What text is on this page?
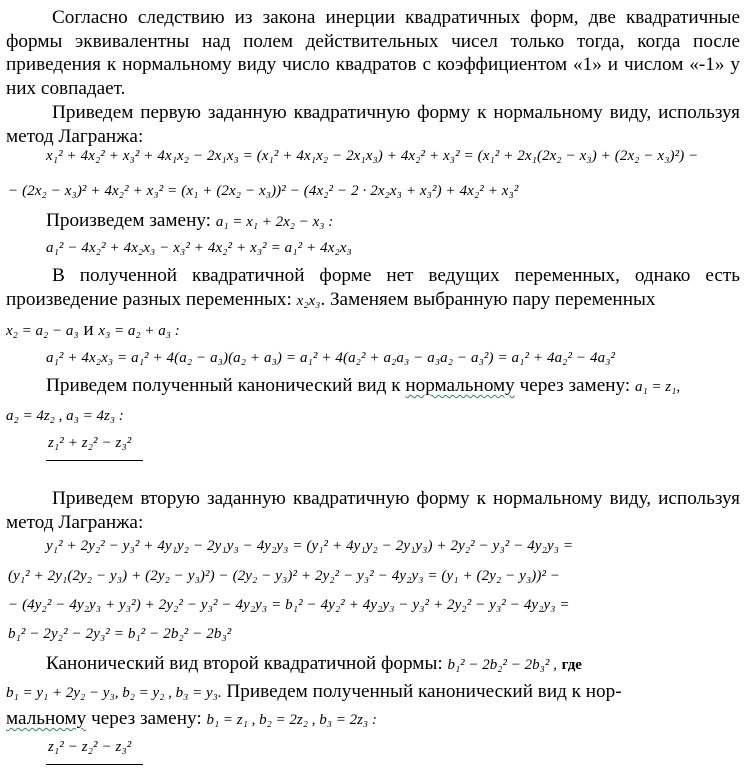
Согласно следствию из закона инерции квадратичных форм, две квадратичные формы эквивалентны над полем действительных чисел только тогда, когда после приведения к нормальному виду число квадратов с коэффициентом «1» и числом «-1» у них совпадает.

Приведем первую заданную квадратичную форму к нормальному виду, используя метод Лагранжа:

x₁² + 4x₂² + x₃² + 4x₁x₂ − 2x₁x₃ = (x₁² + 4x₁x₂ − 2x₁x₃) + 4x₂² + x₃² = (x₁² + 2x₁(2x₂ − x₃) + (2x₂ − x₃)²) −
− (2x₂ − x₃)² + 4x₂² + x₃² = (x₁ + (2x₂ − x₃))² − (4x₂² − 2 · 2x₂x₃ + x₃²) + 4x₂² + x₃²
Произведем замену: a₁ = x₁ + 2x₂ − x₃ :
a₁² − 4x₂² + 4x₂x₃ − x₃² + 4x₂² + x₃² = a₁² + 4x₂x₃
В полученной квадратичной форме нет ведущих переменных, однако есть произведение разных переменных: x₂x₃. Заменяем выбранную пару переменных
x₂ = a₂ − a₃ и x₃ = a₂ + a₃ :
a₁² + 4x₂x₃ = a₁² + 4(a₂ − a₃)(a₂ + a₃) = a₁² + 4(a₂² + a₂a₃ − a₃a₂ − a₃²) = a₁² + 4a₂² − 4a₃²
Приведем полученный канонический вид к нормальному через замену: a₁ = z₁,
a₂ = 4z₂ , a₃ = 4z₃ :
z₁² + z₂² − z₃²

Приведем вторую заданную квадратичную форму к нормальному виду, используя метод Лагранжа:

y₁² + 2y₂² − y₃² + 4y₁y₂ − 2y₁y₃ − 4y₂y₃ = (y₁² + 4y₁y₂ − 2y₁y₃) + 2y₂² − y₃² − 4y₂y₃ =
(y₁² + 2y₁(2y₂ − y₃) + (2y₂ − y₃)²) − (2y₂ − y₃)² + 2y₂² − y₃² − 4y₂y₃ = (y₁ + (2y₂ − y₃))² −
− (4y₂² − 4y₂y₃ + y₃²) + 2y₂² − y₃² − 4y₂y₃ = b₁² − 4y₂² + 4y₂y₃ − y₃² + 2y₂² − y₃² − 4y₂y₃ =
b₁² − 2y₂² − 2y₃² = b₁² − 2b₂² − 2b₃²
Канонический вид второй квадратичной формы: b₁² − 2b₂² − 2b₃² , где
b₁ = y₁ + 2y₂ − y₃, b₂ = y₂ , b₃ = y₃. Приведем полученный канонический вид к нор-
мальному через замену: b₁ = z₁ , b₂ = 2z₂ , b₃ = 2z₃ :
z₁² − z₂² − z₃²
